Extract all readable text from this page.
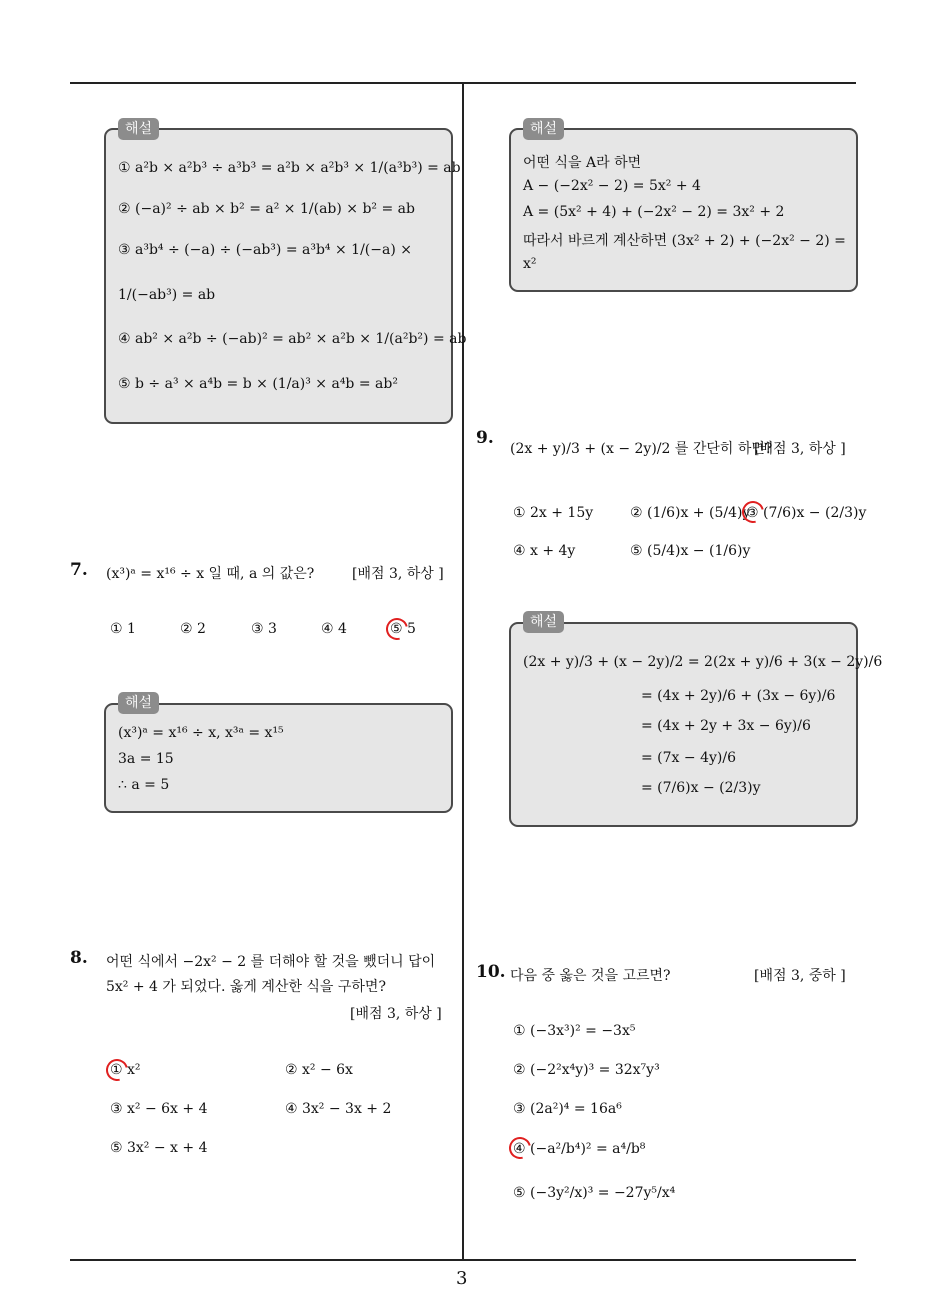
① a²b × a²b³ ÷ a³b³ = a²b × a²b³ × 1/(a³b³) = ab
② (−a)² ÷ ab × b² = a² × 1/(ab) × b² = ab
③ a³b⁴ ÷ (−a) ÷ (−ab³) = a³b⁴ × 1/(−a) ×
1/(−ab³) = ab
④ ab² × a²b ÷ (−ab)² = ab² × a²b × 1/(a²b²) = ab
⑤ b ÷ a³ × a⁴b = b × (1/a)³ × a⁴b = ab²
해설
7. (x³)ᵃ = x¹⁶ ÷ x 일 때, a 의 값은?	[배점 3, 하상 ]
① 1	② 2	③ 3	④ 4	⑤ 5
(x³)ᵃ = x¹⁶ ÷ x, x³ᵃ = x¹⁵
3a = 15
∴ a = 5
해설
8. 어떤 식에서 −2x² − 2 를 더해야 할 것을 뺐더니 답이
5x² + 4 가 되었다. 옳게 계산한 식을 구하면?
[배점 3, 하상 ]
① x²	② x² − 6x
③ x² − 6x + 4	④ 3x² − 3x + 2
⑤ 3x² − x + 4
어떤 식을 A라 하면
A − (−2x² − 2) = 5x² + 4
A = (5x² + 4) + (−2x² − 2) = 3x² + 2
따라서 바르게 계산하면 (3x² + 2) + (−2x² − 2) =
x²
해설
9.
(2x + y)/3 + (x − 2y)/2 를 간단히 하면?
[배점 3, 하상 ]
① 2x + 15y	② (1/6)x + (5/4)y
③ (7/6)x − (2/3)y
④ x + 4y	⑤ (5/4)x − (1/6)y
(2x + y)/3 + (x − 2y)/2 = 2(2x + y)/6 + 3(x − 2y)/6
= (4x + 2y)/6 + (3x − 6y)/6
= (4x + 2y + 3x − 6y)/6
= (7x − 4y)/6
= (7/6)x − (2/3)y
해설
10. 다음 중 옳은 것을 고르면?	[배점 3, 중하 ]
① (−3x³)² = −3x⁵
② (−2²x⁴y)³ = 32x⁷y³
③ (2a²)⁴ = 16a⁶
④ (−a²/b⁴)² = a⁴/b⁸
⑤ (−3y²/x)³ = −27y⁵/x⁴
3
